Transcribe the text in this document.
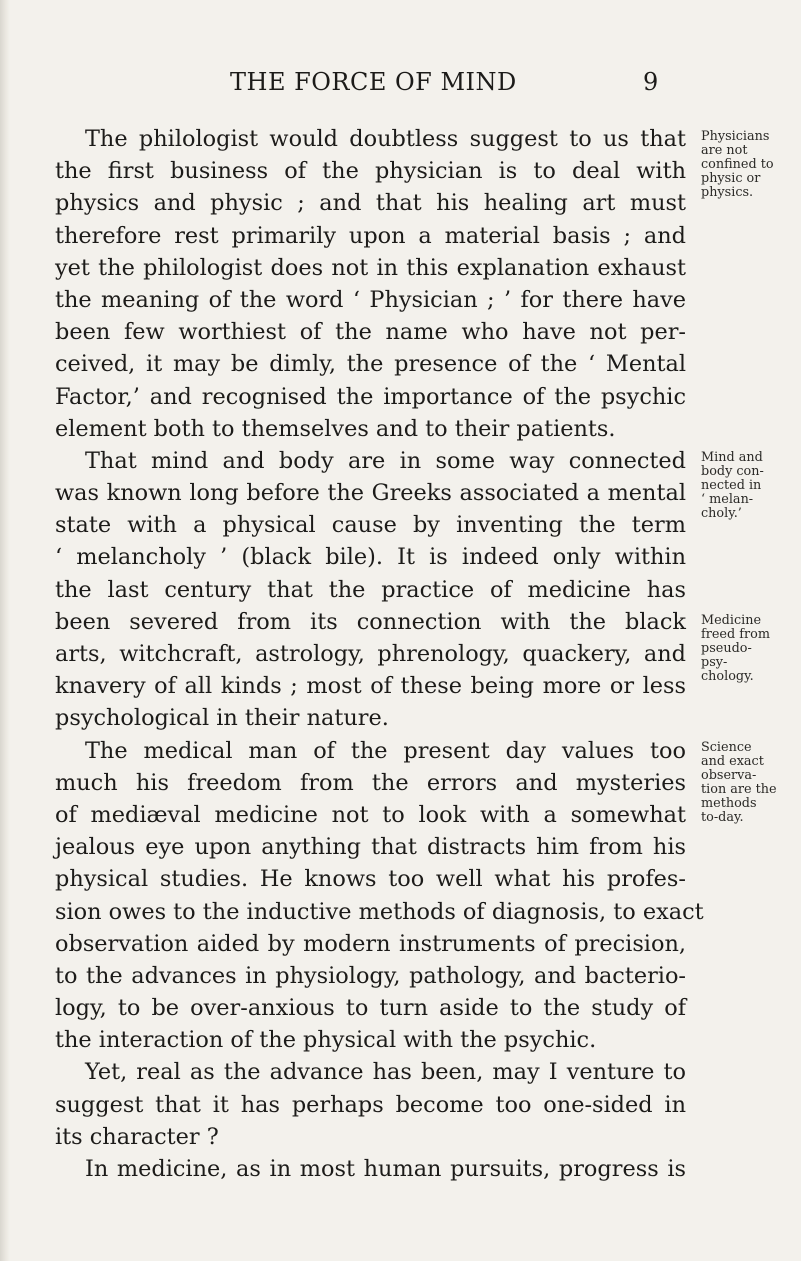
THE FORCE OF MIND	9
The philologist would doubtless suggest to us that
the first business of the physician is to deal with
physics and physic ; and that his healing art must
therefore rest primarily upon a material basis ; and
yet the philologist does not in this explanation exhaust
the meaning of the word ‘ Physician ; ’ for there have
been few worthiest of the name who have not per-
ceived, it may be dimly, the presence of the ‘ Mental
Factor,’ and recognised the importance of the psychic
element both to themselves and to their patients.
That mind and body are in some way connected
was known long before the Greeks associated a mental
state with a physical cause by inventing the term
‘ melancholy ’ (black bile). It is indeed only within
the last century that the practice of medicine has
been severed from its connection with the black
arts, witchcraft, astrology, phrenology, quackery, and
knavery of all kinds ; most of these being more or less
psychological in their nature.
The medical man of the present day values too
much his freedom from the errors and mysteries
of mediæval medicine not to look with a somewhat
jealous eye upon anything that distracts him from his
physical studies. He knows too well what his profes-
sion owes to the inductive methods of diagnosis, to exact
observation aided by modern instruments of precision,
to the advances in physiology, pathology, and bacterio-
logy, to be over-anxious to turn aside to the study of
the interaction of the physical with the psychic.
Yet, real as the advance has been, may I venture to
suggest that it has perhaps become too one-sided in
its character ?
In medicine, as in most human pursuits, progress is
Physicians
are not
confined to
physic or
physics.
Mind and
body con-
nected in
‘ melan-
choly.’
Medicine
freed from
pseudo-
psy-
chology.
Science
and exact
observa-
tion are the
methods
to-day.
